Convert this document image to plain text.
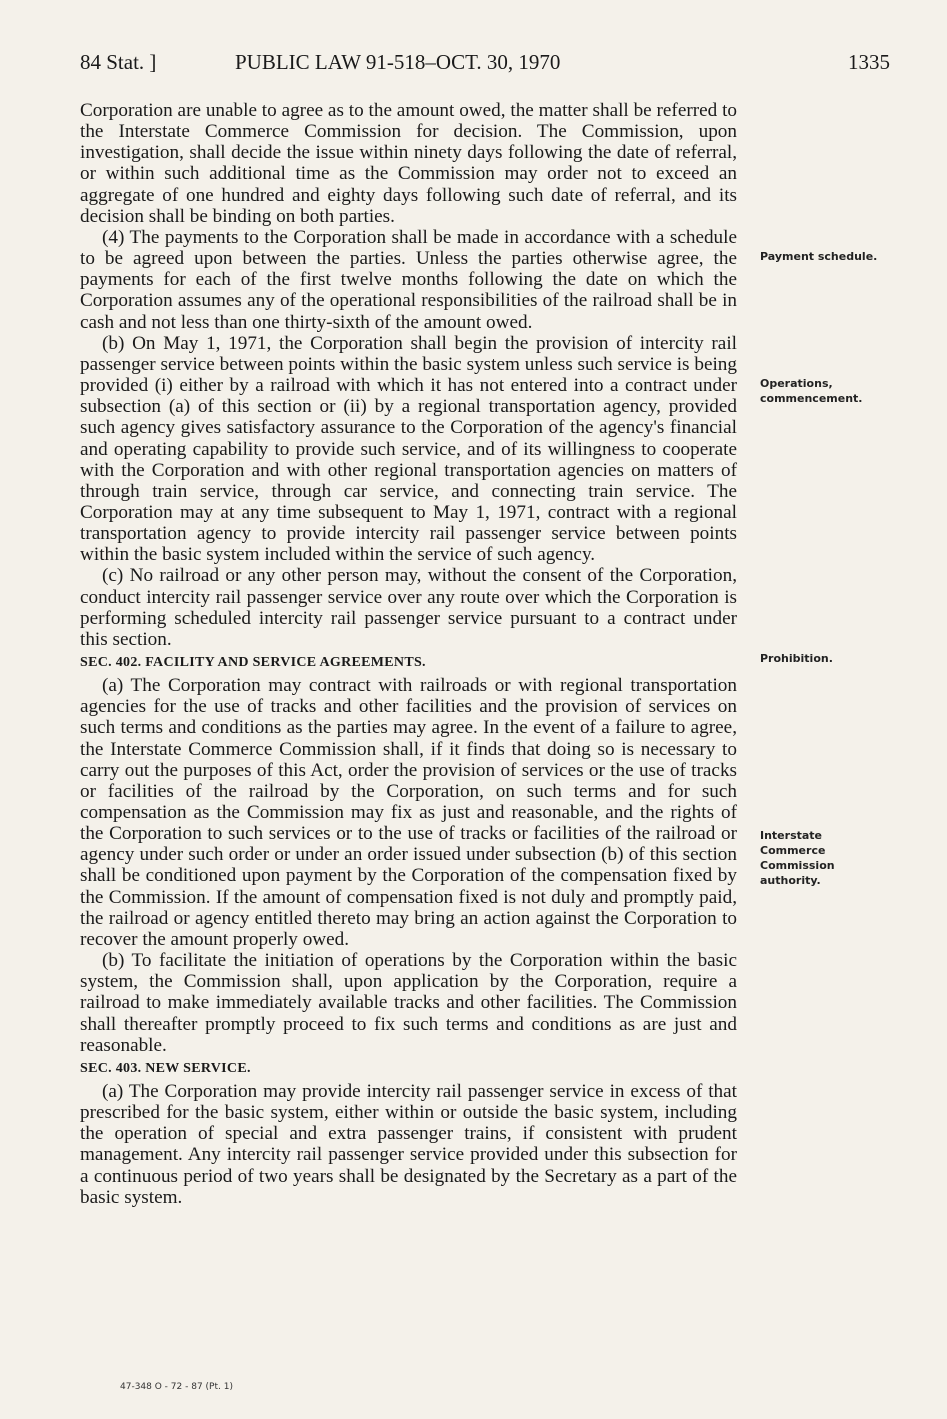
84 Stat. ]	PUBLIC LAW 91-518–OCT. 30, 1970	1335

Corporation are unable to agree as to the amount owed, the matter shall be referred to the Interstate Commerce Commission for decision. The Commission, upon investigation, shall decide the issue within ninety days following the date of referral, or within such additional time as the Commission may order not to exceed an aggregate of one hundred and eighty days following such date of referral, and its decision shall be binding on both parties.

(4) The payments to the Corporation shall be made in accordance with a schedule to be agreed upon between the parties. Unless the parties otherwise agree, the payments for each of the first twelve months following the date on which the Corporation assumes any of the operational responsibilities of the railroad shall be in cash and not less than one thirty-sixth of the amount owed.

(b) On May 1, 1971, the Corporation shall begin the provision of intercity rail passenger service between points within the basic system unless such service is being provided (i) either by a railroad with which it has not entered into a contract under subsection (a) of this section or (ii) by a regional transportation agency, provided such agency gives satisfactory assurance to the Corporation of the agency's financial and operating capability to provide such service, and of its willingness to cooperate with the Corporation and with other regional transportation agencies on matters of through train service, through car service, and connecting train service. The Corporation may at any time subsequent to May 1, 1971, contract with a regional transportation agency to provide intercity rail passenger service between points within the basic system included within the service of such agency.

(c) No railroad or any other person may, without the consent of the Corporation, conduct intercity rail passenger service over any route over which the Corporation is performing scheduled intercity rail passenger service pursuant to a contract under this section.

SEC. 402. FACILITY AND SERVICE AGREEMENTS.

(a) The Corporation may contract with railroads or with regional transportation agencies for the use of tracks and other facilities and the provision of services on such terms and conditions as the parties may agree. In the event of a failure to agree, the Interstate Commerce Commission shall, if it finds that doing so is necessary to carry out the purposes of this Act, order the provision of services or the use of tracks or facilities of the railroad by the Corporation, on such terms and for such compensation as the Commission may fix as just and reasonable, and the rights of the Corporation to such services or to the use of tracks or facilities of the railroad or agency under such order or under an order issued under subsection (b) of this section shall be conditioned upon payment by the Corporation of the compensation fixed by the Commission. If the amount of compensation fixed is not duly and promptly paid, the railroad or agency entitled thereto may bring an action against the Corporation to recover the amount properly owed.

(b) To facilitate the initiation of operations by the Corporation within the basic system, the Commission shall, upon application by the Corporation, require a railroad to make immediately available tracks and other facilities. The Commission shall thereafter promptly proceed to fix such terms and conditions as are just and reasonable.

SEC. 403. NEW SERVICE.

(a) The Corporation may provide intercity rail passenger service in excess of that prescribed for the basic system, either within or outside the basic system, including the operation of special and extra passenger trains, if consistent with prudent management. Any intercity rail passenger service provided under this subsection for a continuous period of two years shall be designated by the Secretary as a part of the basic system.

Payment schedule.
Operations, commencement.
Prohibition.
Interstate Commerce Commission authority.
47-348 O - 72 - 87 (Pt. 1)
